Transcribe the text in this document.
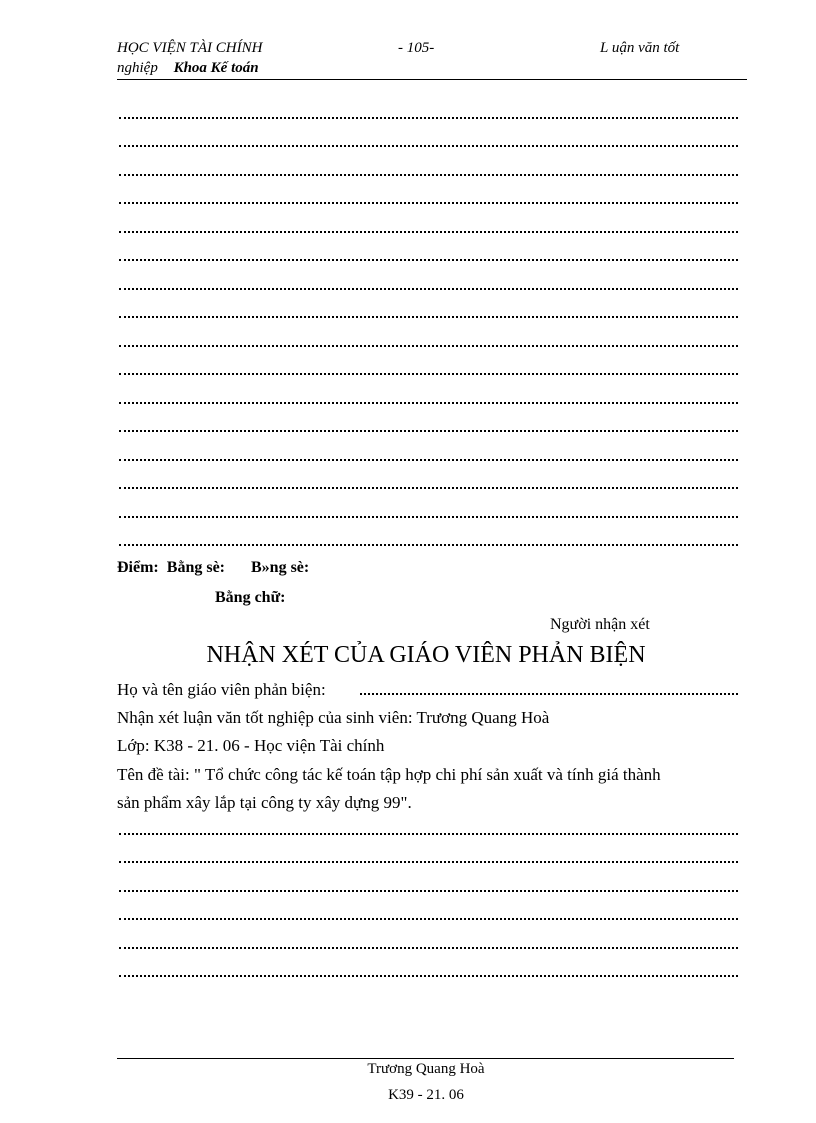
HỌC VIỆN TÀI CHÍNH	- 105-	L uận văn tốt
nghiệp Khoa Kế toán
Điểm: Bằng sè: B»ng sè:
Bằng chữ:
Người nhận xét
NHẬN XÉT CỦA GIÁO VIÊN PHẢN BIỆN
Họ và tên giáo viên phản biện:
Nhận xét luận văn tốt nghiệp của sinh viên: Trương Quang Hoà
Lớp: K38 - 21. 06 - Học viện Tài chính
Tên đề tài: " Tổ chức công tác kế toán tập hợp chi phí sản xuất và tính giá thành
sản phẩm xây lắp tại công ty xây dựng 99".
Trương Quang Hoà
K39 - 21. 06
